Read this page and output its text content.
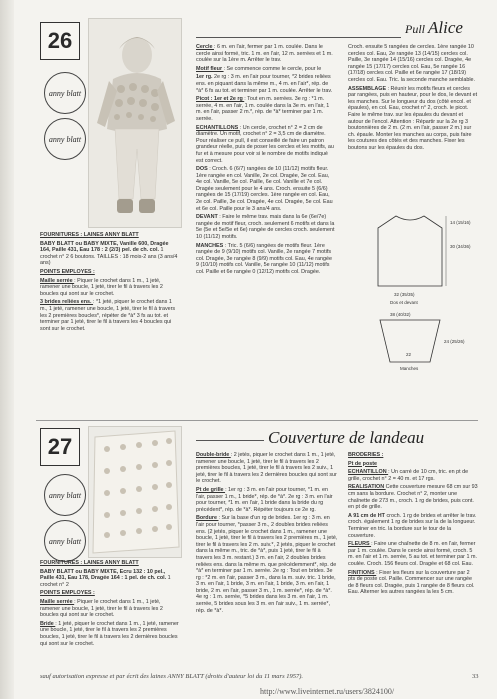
26
anny blatt
anny blatt
Pull Alice

FOURNITURES : LAINES ANNY BLATT

BABY BLATT ou BABY MIXTE, Vanille 600, Dragée 164, Paille 431, Eau 178 : 2 (2/3) pel. de ch. col. 1 crochet n° 2 6 boutons. TAILLES : 18 mois-2 ans (3 ans/4 ans)

POINTS EMPLOYES :

Maille serrée : Piquer le crochet dans 1 m., 1 jeté, ramener une boucle, 1 jeté, tirer le fil à travers les 2 boucles qui sont sur le crochet.

3 brides reliées ens. : *1 jeté, piquer le crochet dans 1 m., 1 jeté, ramener une boucle, 1 jeté, tirer le fil à travers les 2 premières boucles*, répéter de *à* 3 fs au tot. et terminer par 1 jeté, tirer le fil à travers les 4 boucles qui sont sur le crochet.

Cercle : 6 m. en l'air, fermer par 1 m. coulée. Dans le cercle ainsi formé, tric. 1 m. en l'air, 12 m. serrées et 1 m. coulée sur la 1ère m. Arrêter le trav.

Motif fleur : Se commence comme le cercle, pour le

1er rg. 2e rg : 3 m. en l'air pour tourner, *2 brides reliées ens. en piquant dans la même m., 4 m. en l'air*, rép. de *à* 6 fs au tot. et terminer par 1 m. coulée. Arrêter le trav.

Picot : 1er et 2e rg : Tout en m. serrées. 3e rg : *1 m. serrée, 4 m. en l'air, 1 m. coulée dans la 3e m. en l'air, 1 m. en l'air, passer 2 m.*, rép. de *à* terminer par 1 m. serrée.

ECHANTILLONS : Un cercle, crochet n° 2 = 2 cm de diamètre. Un motif, crochet n° 2 = 3,5 cm de diamètre. Pour réaliser ce pull, il est conseillé de faire un patron grandeur réelle, puis de poser les cercles et les motifs, au fur et à mesure pour voir si le nombre de motifs indiqué est correct.

DOS : Croch. 6 (6/7) rangées de 10 (11/12) motifs fleur. 1ère rangée en col. Vanille, 2e col. Dragée, 3e col. Eau, 4e col. Vanille, 5e col. Paille, 6e col. Vanille et 7e col. Dragée seulement pour le 4 ans. Croch. ensuite 5 (6/6) rangées de 15 (17/19) cercles. 1ère rangée en col. Eau, 2e col. Paille, 3e col. Dragée, 4e col. Dragée, 5e col. Eau et 6e col. Paille pour le 3 ans/4 ans.

DEVANT : Faire le même trav. mais dans la 6e (6e/7e) rangée de motif fleur, croch. seulement 6 motifs et dans la 5e (5e et 5e/5e et 6e) rangée de cercles croch. seulement 10 (11/12) motifs.

MANCHES : Tric. 5 (6/6) rangées de motifs fleur. 1ère rangée de 9 (9/10) motifs col. Vanille, 2e rangée 7 motifs col. Dragée, 3e rangée 8 (9/9) motifs col. Eau, 4e rangée 9 (10/10) motifs col. Vanille, 5e rangée 10 (11/12) motifs col. Paille et 6e rangée 0 (12/12) motifs col. Dragée.

Croch. ensuite 5 rangées de cercles. 1ère rangée 10 cercles col. Eau, 2e rangée 13 (14/15) cercles col. Paille, 3e rangée 14 (15/16) cercles col. Dragée, 4e rangée 15 (17/17) cercles col. Eau, 5e rangée 16 (17/18) cercles col. Paille et 6e rangée 17 (18/19) cercles col. Eau. Tric. la seconde manche semblable.

ASSEMBLAGE : Réunir les motifs fleurs et cercles par rangées, puis en hauteur, pour le dos, le devant et les manches. Sur le longueur du dos (côté encol. et épaules), en col. Eau, crochet n° 2, croch. le picot. Faire le même trav. sur les épaules du devant et autour de l'encol. Attention : Répartir sur la 2e rg 3 boutonnières de 2 m. (2 m. en l'air, passer 2 m.) sur ch. épaule. Monter les manches au corps, puis faire les coutures des côtés et des manches. Fixer les boutons sur les épaules du dos.

30 (34/36)
14 (15/16)
32 (35/35)
Dos et devant
38 (40/32)
24 (25/26)
22
Manches
27
anny blatt
anny blatt
Couverture de landeau

FOURNITURES : LAINES ANNY BLATT

BABY BLATT ou BABY MIXTE, Ecru 132 : 10 pel., Paille 431, Eau 178, Dragée 164 : 1 pel. de ch. col. 1 crochet n° 2

POINTS EMPLOYES :

Maille serrée : Piquer le crochet dans 1 m., 1 jeté, ramener une boucle, 1 jeté, tirer le fil à travers les 2 boucles qui sont sur le crochet.

Bride : 1 jeté, piquer le crochet dans 1 m., 1 jeté, ramener une boucle, 1 jeté, tirer le fil à travers les 2 premières boucles, 1 jeté, tirer le fil à travers les 2 dernières boucles qui sont sur le crochet.

Double-bride : 2 jetés, piquer le crochet dans 1 m., 1 jeté, ramener une boucle, 1 jeté, tirer le fil à travers les 2 premières boucles, 1 jeté, tirer le fil à travers les 2 suiv., 1 jeté, tirer le fil à travers les 2 dernières boucles qui sont sur le crochet.

Pt de grille : 1er rg : 3 m. en l'air pour tourner, *1 m. en l'air, passer 1 m., 1 bride*, rép. de *à*. 2e rg : 3 m. en l'air pour tourner, *1 m. en l'air, 1 bride dans la bride du rg précédent*, rép. de *à*. Répéter toujours ce 2e rg.

Bordure : Sur la base d'un rg de brides. 1er rg : 3 m. en l'air pour tourner, *passer 3 m., 2 doubles brides reliées ens. (2 jetés, piquer le crochet dans 1 m., ramener une boucle, 1 jeté, tirer le fil à travers les 2 premières m., 1 jeté, tirer le fil à travers les 2 m. suiv.*, 2 jetés, piquer le crochet dans la même m., tric. de *à*, puis 1 jeté, tirer le fil à travers les 3 m. restant.) 3 m. en l'air, 2 doubles brides reliées ens. dans la même m. que précédemment*, rép. de *à* en terminer par 1 m. serrée. 2e rg : Tout en brides. 3e rg : *2 m. en l'air, passer 3 m., dans la m. suiv. tric. 1 bride, 3 m. en l'air, 1 bride, 3 m. en l'air, 1 bride, 3 m. en l'air, 1 bride, 2 m. en l'air, passer 3 m., 1 m. serrée*, rép. de *à*. 4e rg : 1 m. serrée, *5 brides dans les 3 m. en l'air, 1 m. serrée, 5 brides sous les 3 m. en l'air suiv., 1 m. serrée*, rép. de *à*.

BRODERIES :

Pt de poste

ECHANTILLON : Un carré de 10 cm, tric. en pt de grille, crochet n° 2 = 40 m. et 17 rgs.

REALISATION Cette couverture mesure 68 cm sur 93 cm sans la bordure. Crochet n° 2, monter une chaînette de 273 m., croch. 1 rg de brides, puis cont. en pt de grille.

A 91 cm de HT croch. 1 rg de brides et arrêter le trav. croch. également 1 rg de brides sur la de la longueur. Terminer en tric. la bordure sur le tour de la couverture.

FLEURS : Faire une chaînette de 8 m. en l'air, fermer par 1 m. coulée. Dans le cercle ainsi formé, croch. 5 m. en l'air et 1 m. serrée, 5 au tot. et terminer par 1 m. coulée. Croch. 156 fleurs col. Dragée et 68 col. Eau.

FINITIONS : Fixer les fleurs sur la couverture par 2 pts de poste col. Paille. Commencer sur une rangée de 8 fleurs col. Dragée, puis 1 rangée de 8 fleurs col. Eau. Alterner les autres rangées la les 5 cm.

sauf autorisation expresse et par écrit des laines ANNY BLATT (droits d'auteur loi du 11 mars 1957).	33
http://www.liveinternet.ru/users/3824100/
